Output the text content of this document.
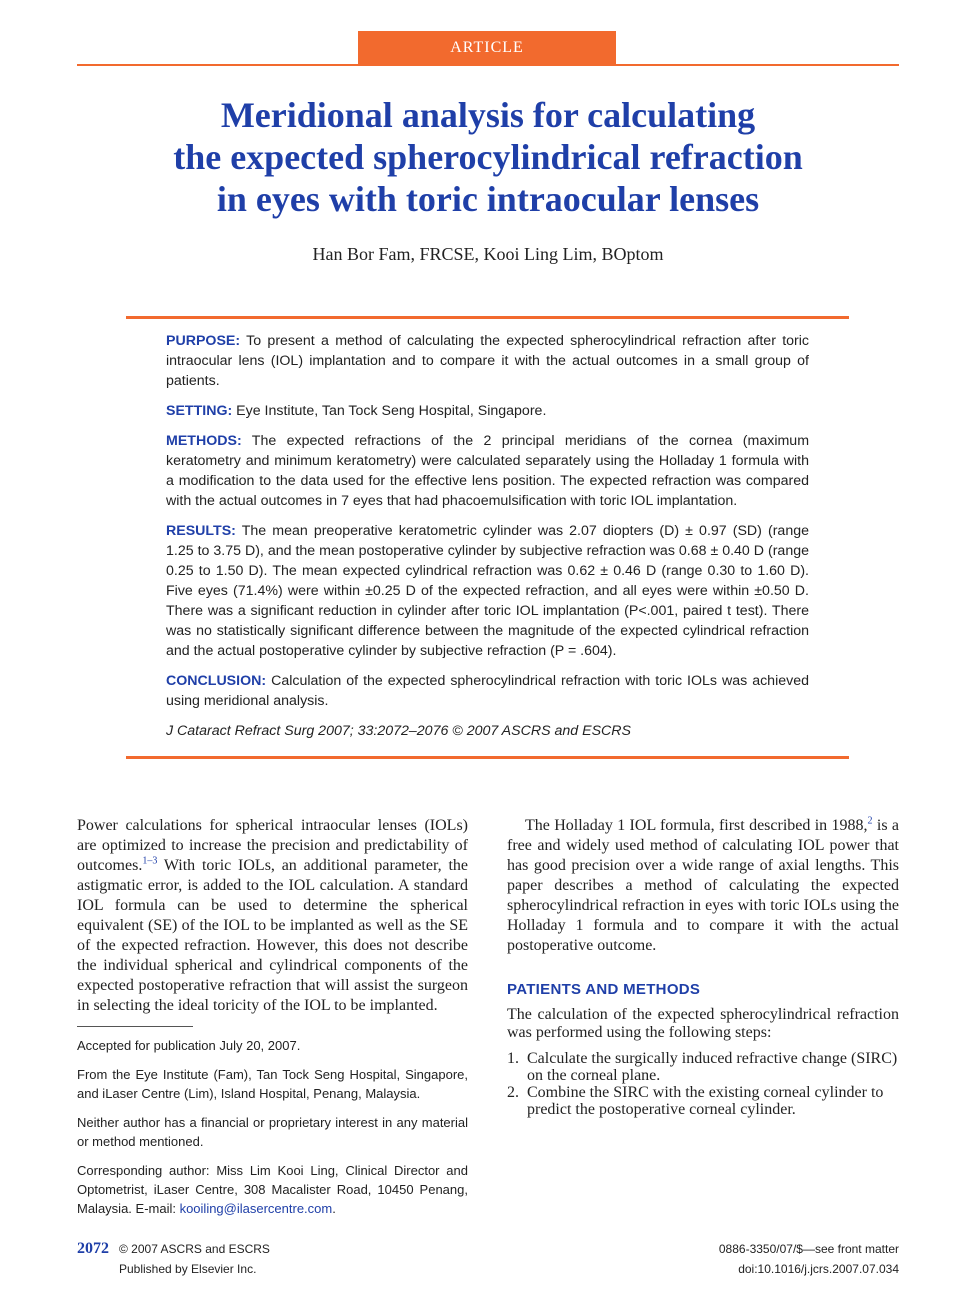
ARTICLE
Meridional analysis for calculating
the expected spherocylindrical refraction
in eyes with toric intraocular lenses
Han Bor Fam, FRCSE, Kooi Ling Lim, BOptom

PURPOSE: To present a method of calculating the expected spherocylindrical refraction after toric intraocular lens (IOL) implantation and to compare it with the actual outcomes in a small group of patients.

SETTING: Eye Institute, Tan Tock Seng Hospital, Singapore.

METHODS: The expected refractions of the 2 principal meridians of the cornea (maximum keratometry and minimum keratometry) were calculated separately using the Holladay 1 formula with a modification to the data used for the effective lens position. The expected refraction was compared with the actual outcomes in 7 eyes that had phacoemulsification with toric IOL implantation.

RESULTS: The mean preoperative keratometric cylinder was 2.07 diopters (D) ± 0.97 (SD) (range 1.25 to 3.75 D), and the mean postoperative cylinder by subjective refraction was 0.68 ± 0.40 D (range 0.25 to 1.50 D). The mean expected cylindrical refraction was 0.62 ± 0.46 D (range 0.30 to 1.60 D). Five eyes (71.4%) were within ±0.25 D of the expected refraction, and all eyes were within ±0.50 D. There was a significant reduction in cylinder after toric IOL implantation (P<.001, paired t test). There was no statistically significant difference between the magnitude of the expected cylindrical refraction and the actual postoperative cylinder by subjective refraction (P = .604).

CONCLUSION: Calculation of the expected spherocylindrical refraction with toric IOLs was achieved using meridional analysis.

J Cataract Refract Surg 2007; 33:2072–2076 © 2007 ASCRS and ESCRS

Power calculations for spherical intraocular lenses (IOLs) are optimized to increase the precision and predictability of outcomes.$^{1-3}$ With toric IOLs, an additional parameter, the astigmatic error, is added to the IOL calculation. A standard IOL formula can be used to determine the spherical equivalent (SE) of the IOL to be implanted as well as the SE of the expected refraction. However, this does not describe the individual spherical and cylindrical components of the expected postoperative refraction that will assist the surgeon in selecting the ideal toricity of the IOL to be implanted.

The Holladay 1 IOL formula, first described in 1988,$^2$ is a free and widely used method of calculating IOL power that has good precision over a wide range of axial lengths. This paper describes a method of calculating the expected spherocylindrical refraction in eyes with toric IOLs using the Holladay 1 formula and to compare it with the actual postoperative outcome.

PATIENTS AND METHODS

The calculation of the expected spherocylindrical refraction was performed using the following steps:

1. Calculate the surgically induced refractive change (SIRC) on the corneal plane.
2. Combine the SIRC with the existing corneal cylinder to predict the postoperative corneal cylinder.

Accepted for publication July 20, 2007.

From the Eye Institute (Fam), Tan Tock Seng Hospital, Singapore, and iLaser Centre (Lim), Island Hospital, Penang, Malaysia.

Neither author has a financial or proprietary interest in any material or method mentioned.

Corresponding author: Miss Lim Kooi Ling, Clinical Director and Optometrist, iLaser Centre, 308 Macalister Road, 10450 Penang, Malaysia. E-mail: kooiling@ilasercentre.com.

2072 © 2007 ASCRS and ESCRS
Published by Elsevier Inc.
0886-3350/07/$—see front matter
doi:10.1016/j.jcrs.2007.07.034
